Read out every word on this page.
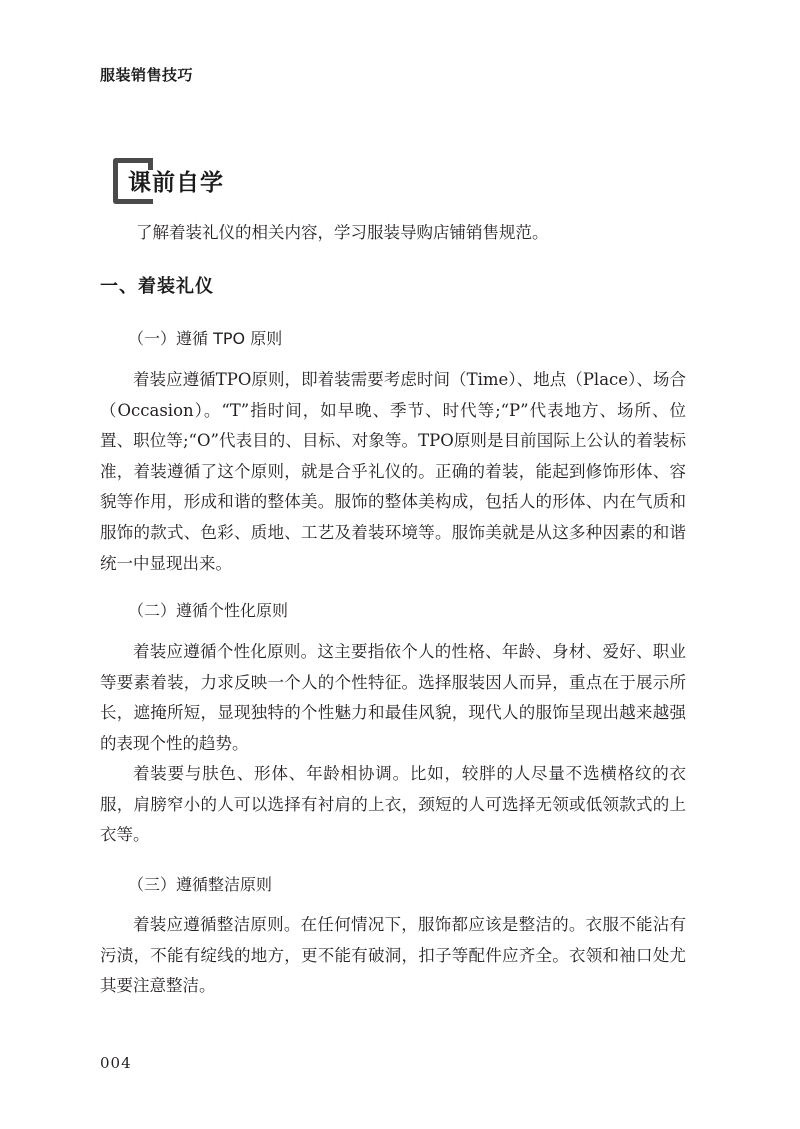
服装销售技巧
课前自学
了解着装礼仪的相关内容，学习服装导购店铺销售规范。
一、着装礼仪
（一）遵循 TPO 原则

着装应遵循TPO原则，即着装需要考虑时间（Time）、地点（Place）、场合（Occasion）。“T”指时间，如早晚、季节、时代等;“P”代表地方、场所、位置、职位等;“O”代表目的、目标、对象等。TPO原则是目前国际上公认的着装标准，着装遵循了这个原则，就是合乎礼仪的。正确的着装，能起到修饰形体、容貌等作用，形成和谐的整体美。服饰的整体美构成，包括人的形体、内在气质和服饰的款式、色彩、质地、工艺及着装环境等。服饰美就是从这多种因素的和谐统一中显现出来。

（二）遵循个性化原则

着装应遵循个性化原则。这主要指依个人的性格、年龄、身材、爱好、职业等要素着装，力求反映一个人的个性特征。选择服装因人而异，重点在于展示所长，遮掩所短，显现独特的个性魅力和最佳风貌，现代人的服饰呈现出越来越强的表现个性的趋势。

着装要与肤色、形体、年龄相协调。比如，较胖的人尽量不选横格纹的衣服，肩膀窄小的人可以选择有衬肩的上衣，颈短的人可选择无领或低领款式的上衣等。

（三）遵循整洁原则

着装应遵循整洁原则。在任何情况下，服饰都应该是整洁的。衣服不能沾有污渍，不能有绽线的地方，更不能有破洞，扣子等配件应齐全。衣领和袖口处尤其要注意整洁。

004
